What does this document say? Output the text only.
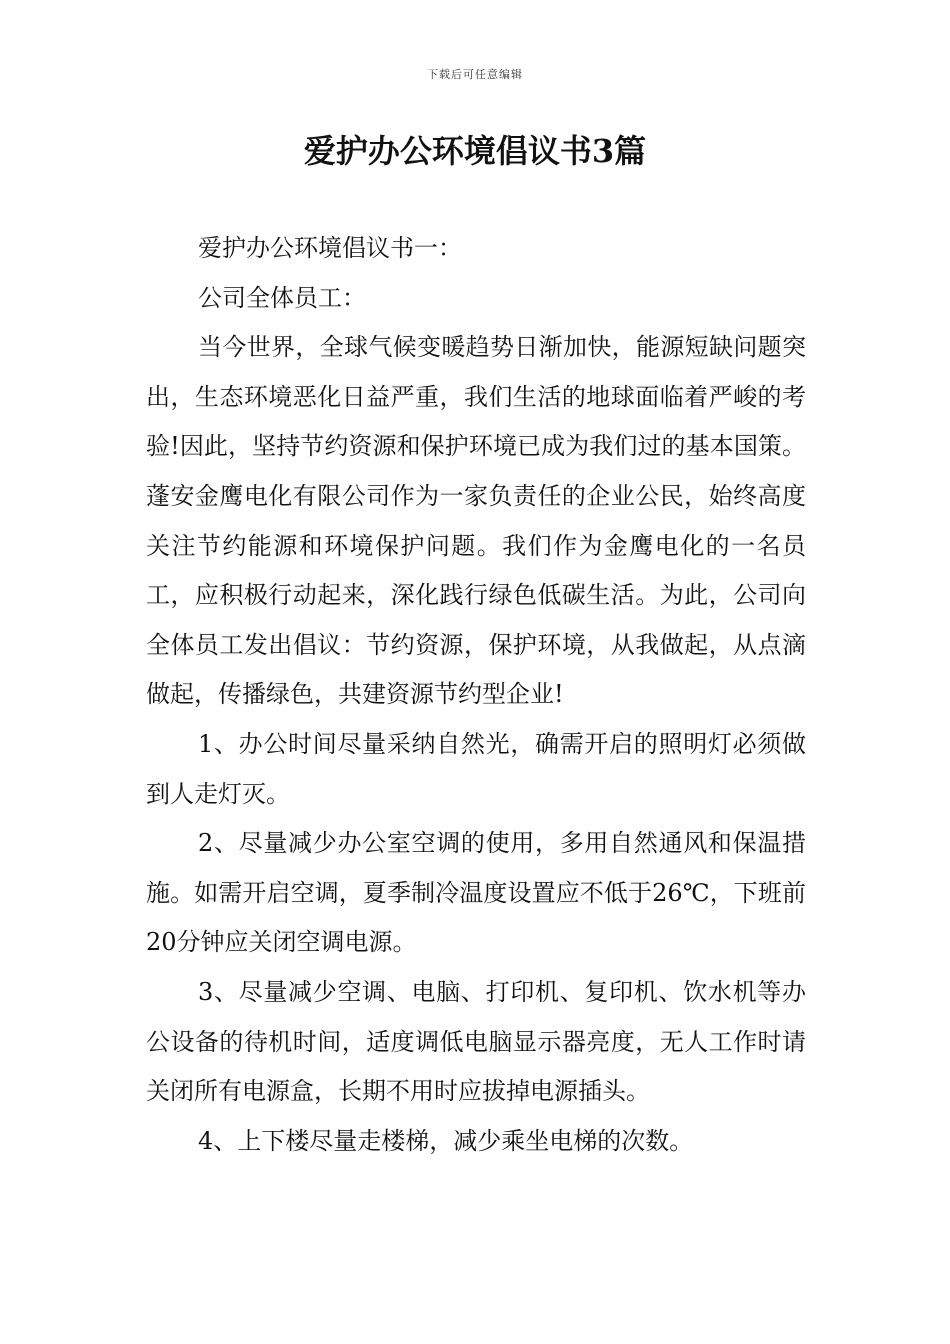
下载后可任意编辑
爱护办公环境倡议书3篇

爱护办公环境倡议书一：

公司全体员工：

当今世界，全球气候变暖趋势日渐加快，能源短缺问题突出，生态环境恶化日益严重，我们生活的地球面临着严峻的考验!因此，坚持节约资源和保护环境已成为我们过的基本国策。蓬安金鹰电化有限公司作为一家负责任的企业公民，始终高度关注节约能源和环境保护问题。我们作为金鹰电化的一名员工，应积极行动起来，深化践行绿色低碳生活。为此，公司向全体员工发出倡议：节约资源，保护环境，从我做起，从点滴做起，传播绿色，共建资源节约型企业!

1、办公时间尽量采纳自然光，确需开启的照明灯必须做到人走灯灭。

2、尽量减少办公室空调的使用，多用自然通风和保温措施。如需开启空调，夏季制冷温度设置应不低于26℃，下班前20分钟应关闭空调电源。

3、尽量减少空调、电脑、打印机、复印机、饮水机等办公设备的待机时间，适度调低电脑显示器亮度，无人工作时请关闭所有电源盒，长期不用时应拔掉电源插头。

4、上下楼尽量走楼梯，减少乘坐电梯的次数。
